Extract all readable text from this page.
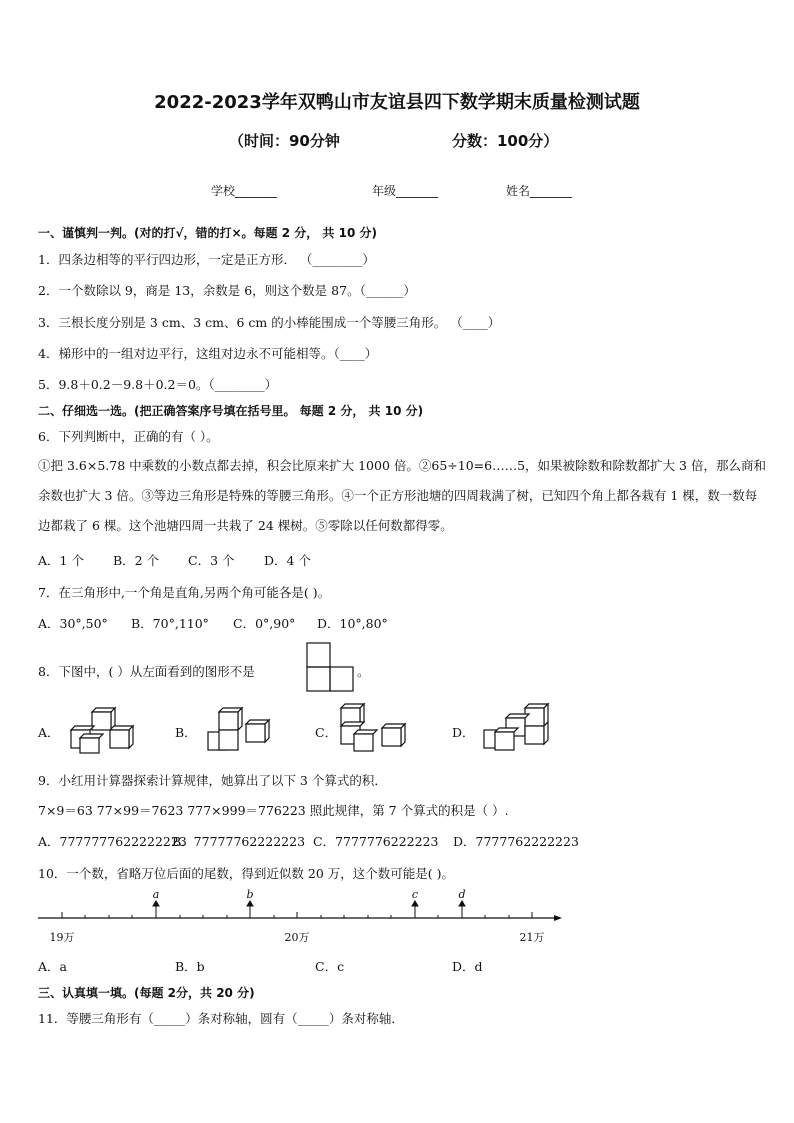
2022-2023学年双鸭山市友谊县四下数学期末质量检测试题
（时间：90分钟	分数：100分）
学校_______	年级_______	姓名_______
一、谨慎判一判。(对的打√，错的打×。每题 2 分， 共 10 分)
1．四条边相等的平行四边形，一定是正方形． （________）
2．一个数除以 9，商是 13，余数是 6，则这个数是 87。（______）
3．三根长度分别是 3 cm、3 cm、6 cm 的小棒能围成一个等腰三角形。 （____）
4．梯形中的一组对边平行，这组对边永不可能相等。（____）
5．9.8＋0.2－9.8＋0.2＝0。（________）
二、仔细选一选。(把正确答案序号填在括号里。 每题 2 分， 共 10 分)
6．下列判断中，正确的有（ ）。
①把 3.6×5.78 中乘数的小数点都去掉，积会比原来扩大 1000 倍。②65÷10=6……5，如果被除数和除数都扩大 3 倍，那么商和余数也扩大 3 倍。③等边三角形是特殊的等腰三角形。④一个正方形池塘的四周栽满了树，已知四个角上都各栽有 1 棵，数一数每边都栽了 6 棵。这个池塘四周一共栽了 24 棵树。⑤零除以任何数都得零。
A．1 个 B．2 个 C．3 个 D．4 个
7．在三角形中,一个角是直角,另两个角可能各是( )。
A．30°,50° B．70°,110° C．0°,90° D．10°,80°
8．下图中，( ）从左面看到的图形不是	。
A．	B．	C．	D．
9．小红用计算器探索计算规律，她算出了以下 3 个算式的积．
7×9＝63 77×99＝7623 777×999＝776223 照此规律，第 7 个算式的积是（ ）.
A．7777777622222223
B．77777762222223 C．7777776222223 D．7777762222223
10．一个数，省略万位后面的尾数，得到近似数 20 万，这个数可能是( )。
a	b	c	d
19万	20万	21万
A．a	B．b	C．c	D．d
三、认真填一填。(每题 2分，共 20 分)
11．等腰三角形有（_____）条对称轴，圆有（_____）条对称轴．
